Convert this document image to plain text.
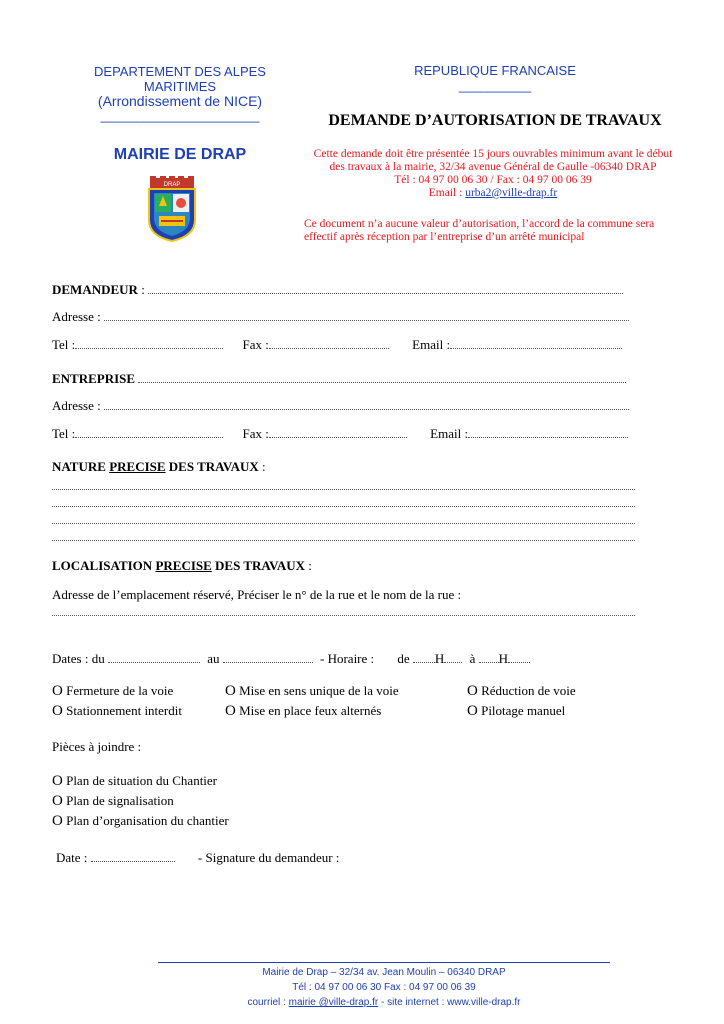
DEPARTEMENT DES ALPES
MARITIMES
(Arrondissement de NICE)
______________________
MAIRIE DE DRAP
DRAP
REPUBLIQUE FRANCAISE
__________
DEMANDE D’AUTORISATION DE TRAVAUX
Cette demande doit être présentée 15 jours ouvrables minimum avant le début
des travaux à la mairie, 32/34 avenue Général de Gaulle -06340 DRAP
Tél : 04 97 00 06 30 / Fax : 04 97 00 06 39
Email : urba2@ville-drap.fr
Ce document n’a aucune valeur d’autorisation, l’accord de la commune sera
effectif après réception par l’entreprise d’un arrêté municipal
DEMANDEUR :
Adresse :
Tel :	Fax :	Email :
ENTREPRISE
Adresse :
Tel :	Fax :	Email :
NATURE PRECISE DES TRAVAUX :
LOCALISATION PRECISE DES TRAVAUX :
Adresse de l’emplacement réservé, Préciser le n° de la rue et le nom de la rue :
Dates : du	au	- Horaire : de H à H
O Fermeture de la voie	O Mise en sens unique de la voie	O Réduction de voie
O Stationnement interdit	O Mise en place feux alternés	O Pilotage manuel
Pièces à joindre :
O Plan de situation du Chantier
O Plan de signalisation
O Plan d’organisation du chantier
Date :	- Signature du demandeur :
Mairie de Drap – 32/34 av. Jean Moulin – 06340 DRAP
Tél : 04 97 00 06 30 Fax : 04 97 00 06 39
courriel : mairie @ville-drap.fr - site internet : www.ville-drap.fr
